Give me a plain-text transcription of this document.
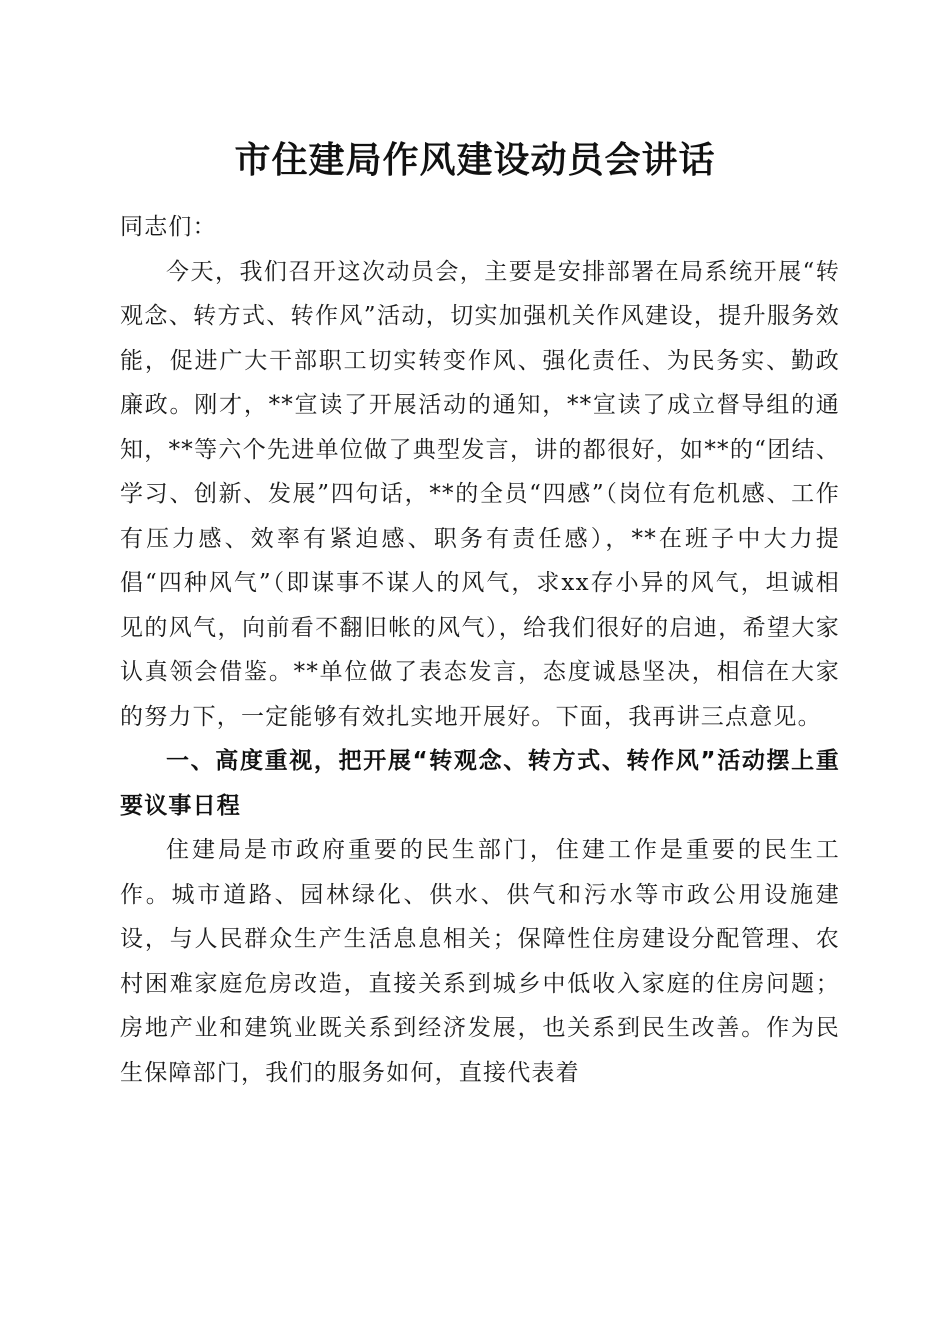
市住建局作风建设动员会讲话

同志们：

今天，我们召开这次动员会，主要是安排部署在局系统开展“转观念、转方式、转作风”活动，切实加强机关作风建设，提升服务效能，促进广大干部职工切实转变作风、强化责任、为民务实、勤政廉政。刚才，**宣读了开展活动的通知，**宣读了成立督导组的通知，**等六个先进单位做了典型发言，讲的都很好，如**的“团结、学习、创新、发展”四句话，**的全员“四感”（岗位有危机感、工作有压力感、效率有紧迫感、职务有责任感），**在班子中大力提倡“四种风气”（即谋事不谋人的风气，求xx存小异的风气，坦诚相见的风气，向前看不翻旧帐的风气），给我们很好的启迪，希望大家认真领会借鉴。**单位做了表态发言，态度诚恳坚决，相信在大家的努力下，一定能够有效扎实地开展好。下面，我再讲三点意见。

一、高度重视，把开展“转观念、转方式、转作风”活动摆上重要议事日程

住建局是市政府重要的民生部门，住建工作是重要的民生工作。城市道路、园林绿化、供水、供气和污水等市政公用设施建设，与人民群众生产生活息息相关；保障性住房建设分配管理、农村困难家庭危房改造，直接关系到城乡中低收入家庭的住房问题；房地产业和建筑业既关系到经济发展，也关系到民生改善。作为民生保障部门，我们的服务如何，直接代表着
